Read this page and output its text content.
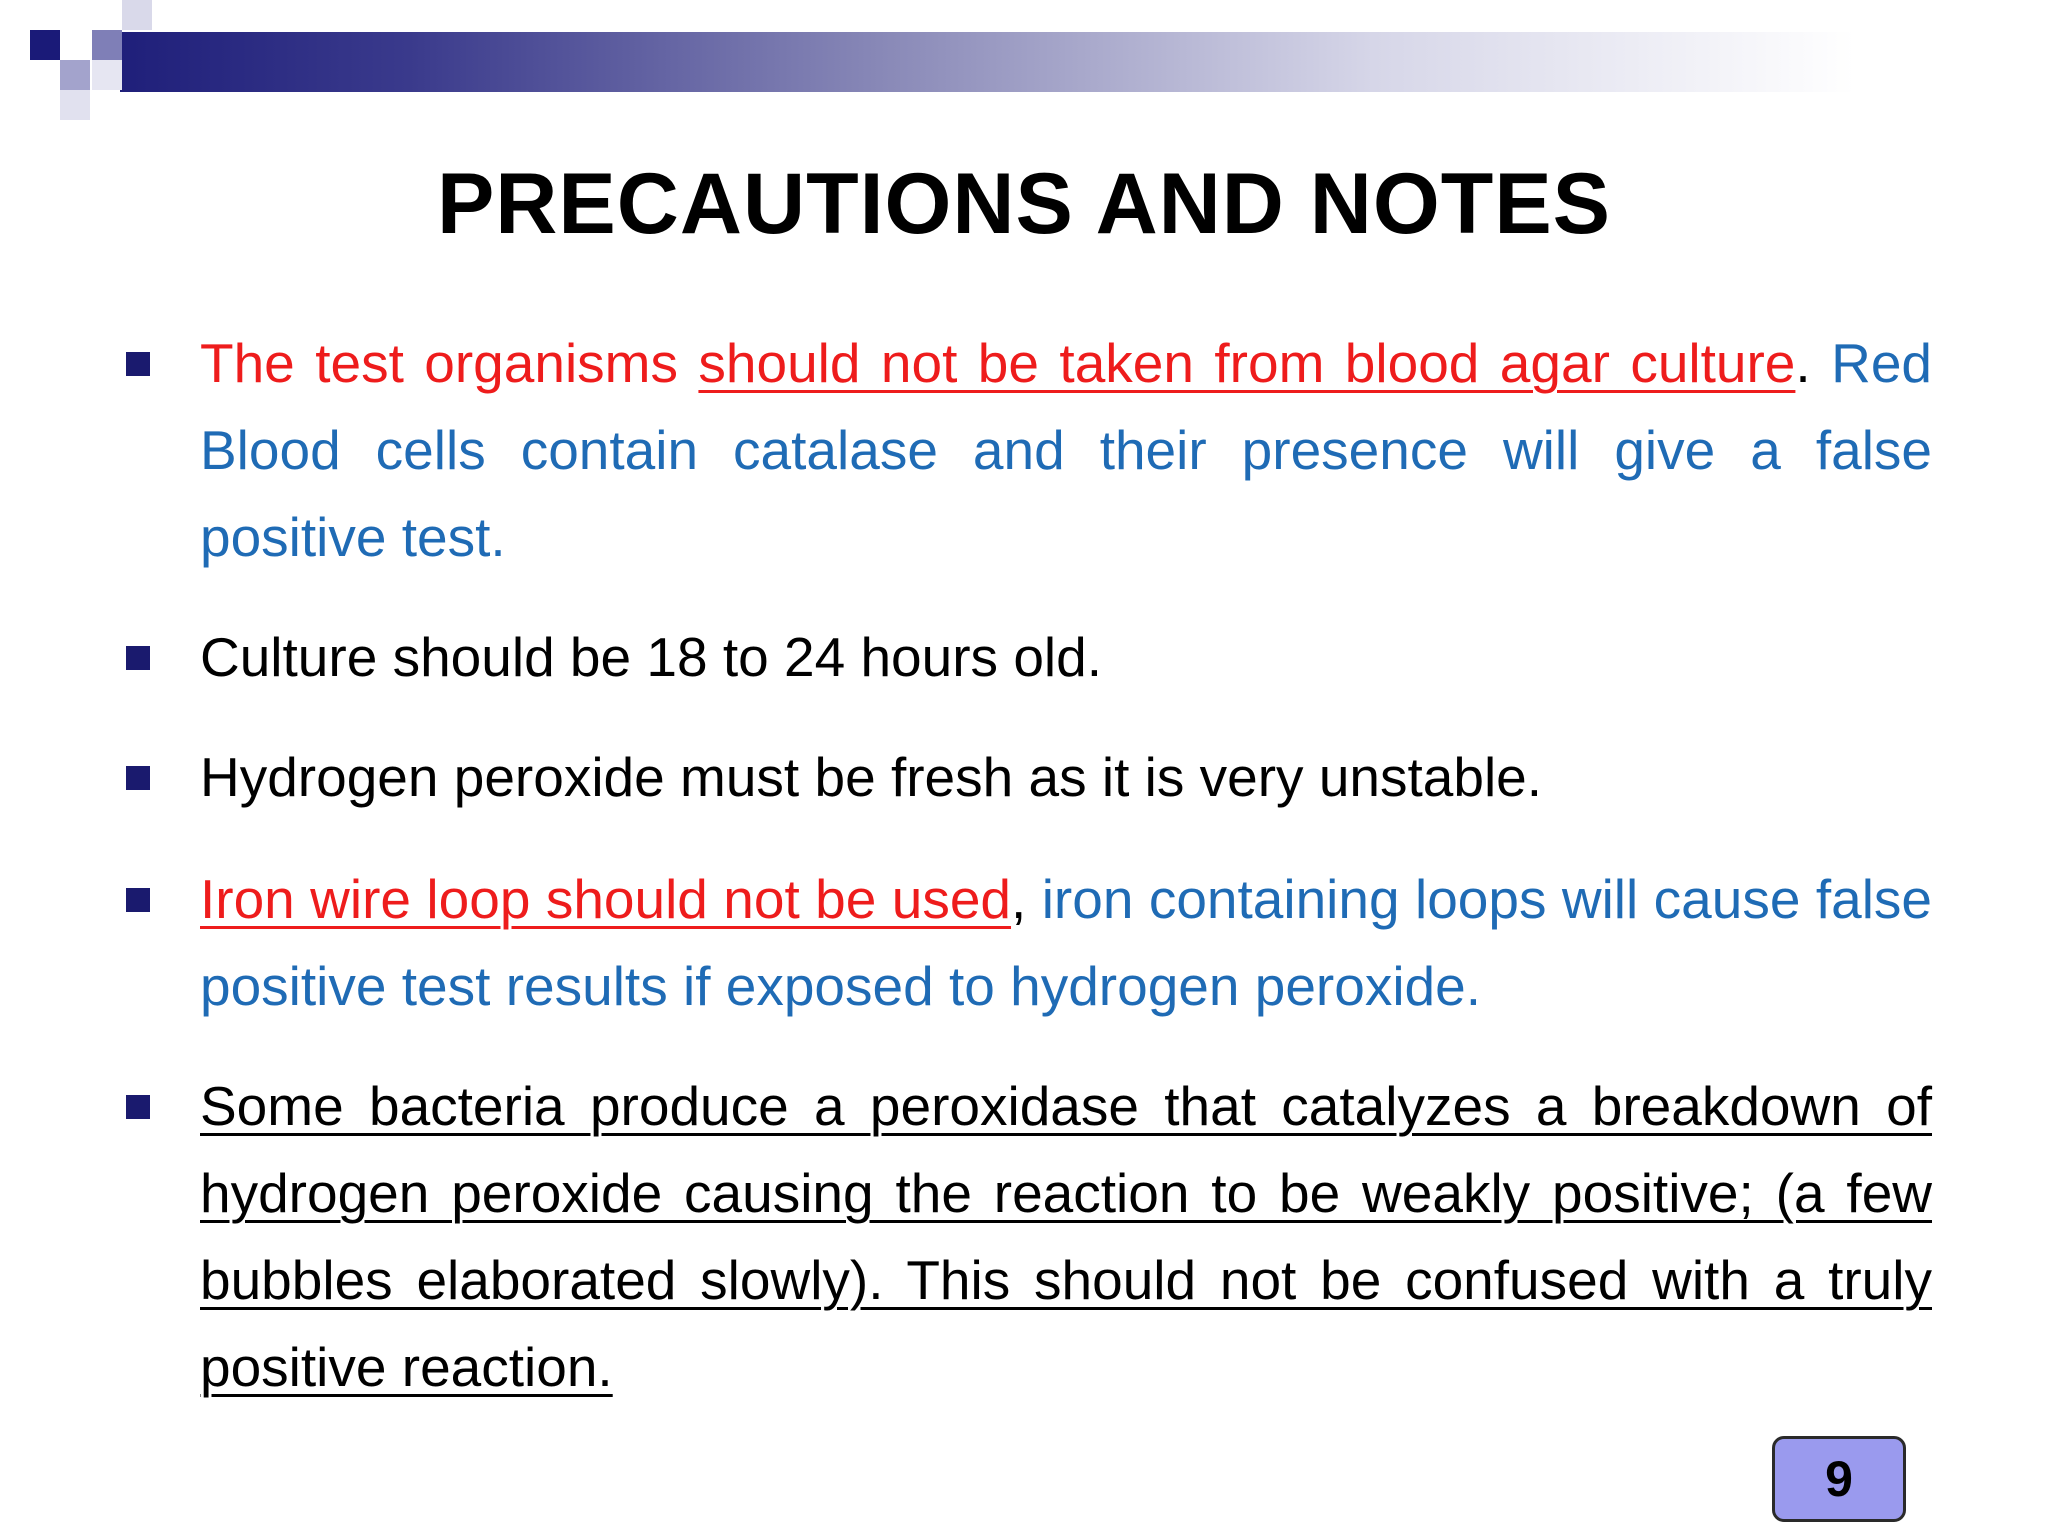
PRECAUTIONS AND NOTES
The test organisms should not be taken from blood agar culture. Red Blood cells contain catalase and their presence will give a false positive test.
Culture should be 18 to 24 hours old.
Hydrogen peroxide must be fresh as it is very unstable.
Iron wire loop should not be used, iron containing loops will cause false positive test results if exposed to hydrogen peroxide.
Some bacteria produce a peroxidase that catalyzes a breakdown of hydrogen peroxide causing the reaction to be weakly positive; (a few bubbles elaborated slowly). This should not be confused with a truly positive reaction.
9
